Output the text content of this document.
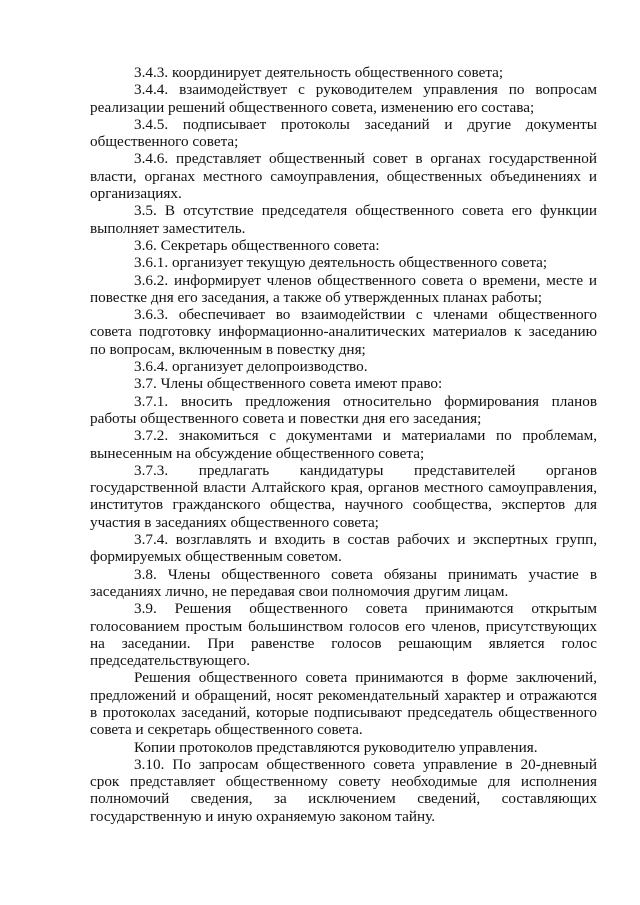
3.4.3. координирует деятельность общественного совета;

3.4.4. взаимодействует с руководителем управления по вопросам реализации решений общественного совета, изменению его состава;

3.4.5. подписывает протоколы заседаний и другие документы общественного совета;

3.4.6. представляет общественный совет в органах государственной власти, органах местного самоуправления, общественных объединениях и организациях.

3.5. В отсутствие председателя общественного совета его функции выполняет заместитель.

3.6. Секретарь общественного совета:

3.6.1. организует текущую деятельность общественного совета;

3.6.2. информирует членов общественного совета о времени, месте и повестке дня его заседания, а также об утвержденных планах работы;

3.6.3. обеспечивает во взаимодействии с членами общественного совета подготовку информационно-аналитических материалов к заседанию по вопросам, включенным в повестку дня;

3.6.4. организует делопроизводство.

3.7. Члены общественного совета имеют право:

3.7.1. вносить предложения относительно формирования планов работы общественного совета и повестки дня его заседания;

3.7.2. знакомиться с документами и материалами по проблемам, вынесенным на обсуждение общественного совета;

3.7.3. предлагать кандидатуры представителей органов государственной власти Алтайского края, органов местного самоуправления, институтов гражданского общества, научного сообщества, экспертов для участия в заседаниях общественного совета;

3.7.4. возглавлять и входить в состав рабочих и экспертных групп, формируемых общественным советом.

3.8. Члены общественного совета обязаны принимать участие в заседаниях лично, не передавая свои полномочия другим лицам.

3.9. Решения общественного совета принимаются открытым голосованием простым большинством голосов его членов, присутствующих на заседании. При равенстве голосов решающим является голос председательствующего.

Решения общественного совета принимаются в форме заключений, предложений и обращений, носят рекомендательный характер и отражаются в протоколах заседаний, которые подписывают председатель общественного совета и секретарь общественного совета.

Копии протоколов представляются руководителю управления.

3.10. По запросам общественного совета управление в 20-дневный срок представляет общественному совету необходимые для исполнения полномочий сведения, за исключением сведений, составляющих государственную и иную охраняемую законом тайну.
